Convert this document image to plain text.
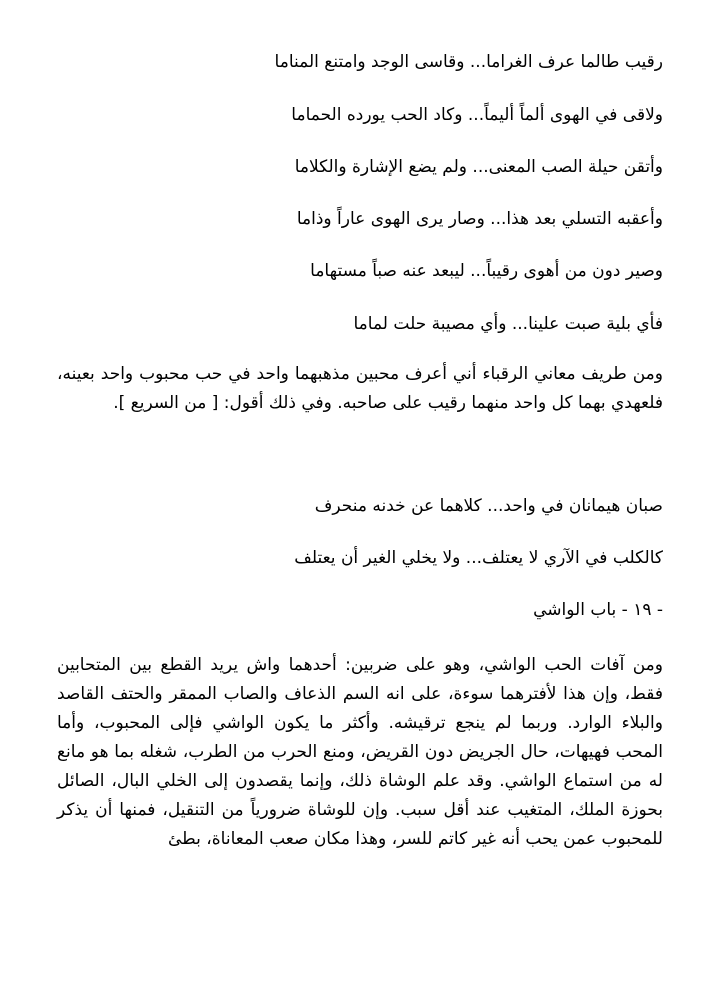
رقيب طالما عرف الغراما... وقاسى الوجد وامتنع المناما
ولاقى في الهوى ألماً أليماً... وكاد الحب يورده الحماما
وأتقن حيلة الصب المعنى... ولم يضع الإشارة والكلاما
وأعقبه التسلي بعد هذا... وصار يرى الهوى عاراً وذاما
وصير دون من أهوى رقيباً... ليبعد عنه صباً مستهاما
فأي بلية صبت علينا... وأي مصيبة حلت لماما
ومن طريف معاني الرقباء أني أعرف محبين مذهبهما واحد في حب محبوب واحد بعينه، فلعهدي بهما كل واحد منهما رقيب على صاحبه. وفي ذلك أقول: [ من السريع ].
صبان هيمانان في واحد... كلاهما عن خدنه منحرف
كالكلب في الآري لا يعتلف... ولا يخلي الغير أن يعتلف
- ١٩ - باب الواشي
ومن آفات الحب الواشي، وهو على ضربين: أحدهما واش يريد القطع بين المتحابين فقط، وإن هذا لأفترهما سوءة، على انه السم الذعاف والصاب الممقر والحتف القاصد والبلاء الوارد. وربما لم ينجع ترقيشه. وأكثر ما يكون الواشي فإلى المحبوب، وأما المحب فهيهات، حال الجريض دون القريض، ومنع الحرب من الطرب، شغله بما هو مانع له من استماع الواشي. وقد علم الوشاة ذلك، وإنما يقصدون إلى الخلي البال، الصائل بحوزة الملك، المتغيب عند أقل سبب. وإن للوشاة ضرورياً من التنقيل، فمنها أن يذكر للمحبوب عمن يحب أنه غير كاتم للسر، وهذا مكان صعب المعاناة، بطئ
